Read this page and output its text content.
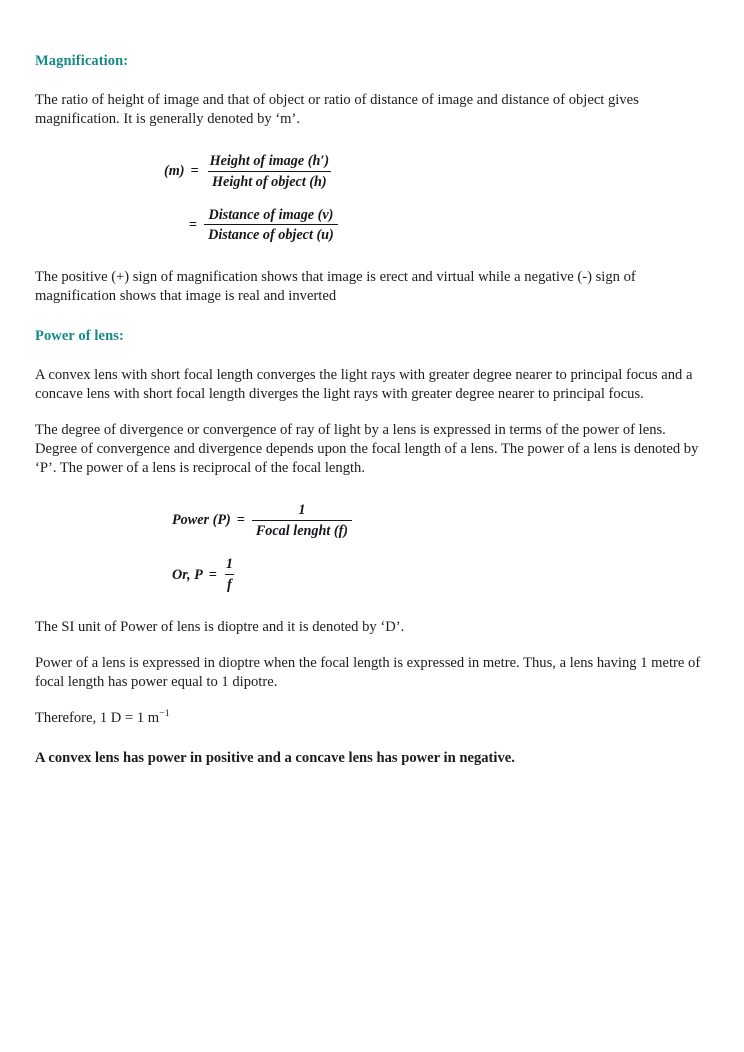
Magnification:

The ratio of height of image and that of object or ratio of distance of image and distance of object gives magnification. It is generally denoted by ‘m’.

$(m) = \frac{\text{Height of image (h′)}}{\text{Height of object (h)}}$
= $\frac{\text{Distance of image (v)}}{\text{Distance of object (u)}}$

The positive (+) sign of magnification shows that image is erect and virtual while a negative (-) sign of magnification shows that image is real and inverted

Power of lens:

A convex lens with short focal length converges the light rays with greater degree nearer to principal focus and a concave lens with short focal length diverges the light rays with greater degree nearer to principal focus.

The degree of divergence or convergence of ray of light by a lens is expressed in terms of the power of lens. Degree of convergence and divergence depends upon the focal length of a lens. The power of a lens is denoted by ‘P’. The power of a lens is reciprocal of the focal length.

Power $(P) = \frac{1}{\text{Focal lenght (f)}}$
Or, $P = \frac{1}{f}$

The SI unit of Power of lens is dioptre and it is denoted by ‘D’.

Power of a lens is expressed in dioptre when the focal length is expressed in metre. Thus, a lens having 1 metre of focal length has power equal to 1 dipotre.

Therefore, 1 D = 1 $m^{-1}$

A convex lens has power in positive and a concave lens has power in negative.
